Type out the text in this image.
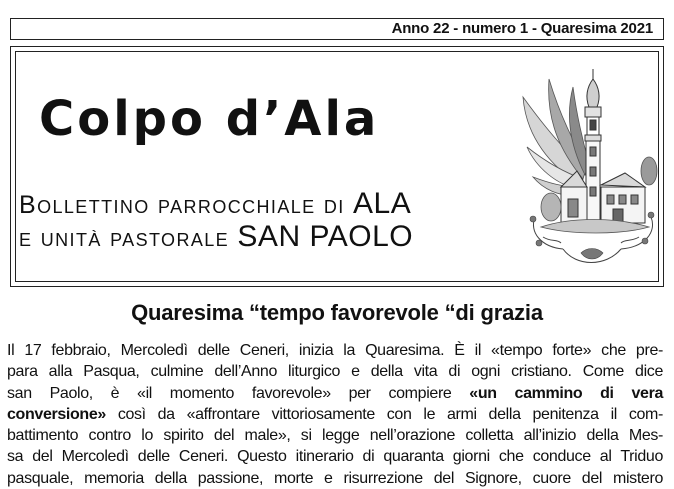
Anno 22 - numero 1 - Quaresima 2021
Colpo d’Ala
Bollettino parrocchiale di ALA
e unità pastorale SAN PAOLO
Quaresima “tempo favorevole “di grazia
Il 17 febbraio, Mercoledì delle Ceneri, inizia la Quaresima. È il «tempo forte» che pre-
para alla Pasqua, culmine dell’Anno liturgico e della vita di ogni cristiano. Come dice
san Paolo, è «il momento favorevole» per compiere «un cammino di vera
conversione» così da «affrontare vittoriosamente con le armi della penitenza il com-
battimento contro lo spirito del male», si legge nell’orazione colletta all’inizio della Mes-
sa del Mercoledì delle Ceneri. Questo itinerario di quaranta giorni che conduce al Triduo
pasquale, memoria della passione, morte e risurrezione del Signore, cuore del mistero
